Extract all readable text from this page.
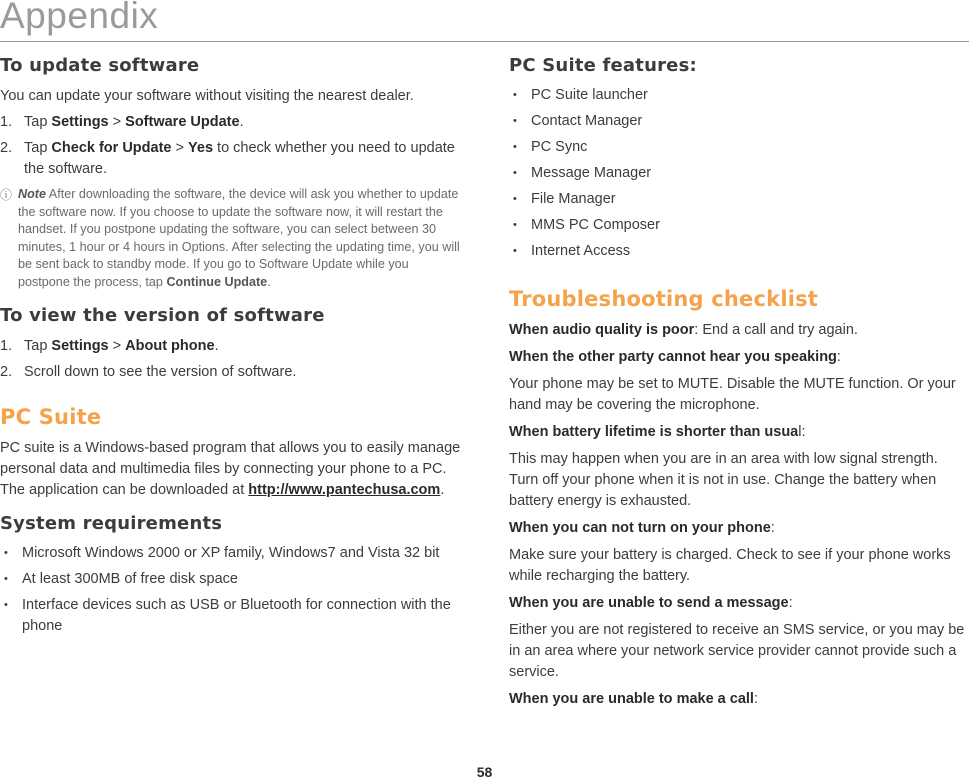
Appendix
To update software

You can update your software without visiting the nearest dealer.

1. Tap Settings > Software Update.
2. Tap Check for Update > Yes to check whether you need to update the software.
ⓘ Note After downloading the software, the device will ask you whether to update the software now. If you choose to update the software now, it will restart the handset. If you postpone updating the software, you can select between 30 minutes, 1 hour or 4 hours in Options. After selecting the updating time, you will be sent back to standby mode. If you go to Software Update while you postpone the process, tap Continue Update.
To view the version of software
1. Tap Settings > About phone.
2. Scroll down to see the version of software.
PC Suite

PC suite is a Windows-based program that allows you to easily manage personal data and multimedia files by connecting your phone to a PC. The application can be downloaded at http://www.pantechusa.com.

System requirements
• Microsoft Windows 2000 or XP family, Windows7 and Vista 32 bit
• At least 300MB of free disk space
• Interface devices such as USB or Bluetooth for connection with the phone
PC Suite features:
• PC Suite launcher
• Contact Manager
• PC Sync
• Message Manager
• File Manager
• MMS PC Composer
• Internet Access
Troubleshooting checklist

When audio quality is poor: End a call and try again.

When the other party cannot hear you speaking:

Your phone may be set to MUTE. Disable the MUTE function. Or your hand may be covering the microphone.

When battery lifetime is shorter than usual:

This may happen when you are in an area with low signal strength. Turn off your phone when it is not in use. Change the battery when battery energy is exhausted.

When you can not turn on your phone:

Make sure your battery is charged. Check to see if your phone works while recharging the battery.

When you are unable to send a message:

Either you are not registered to receive an SMS service, or you may be in an area where your network service provider cannot provide such a service.

When you are unable to make a call:

58
